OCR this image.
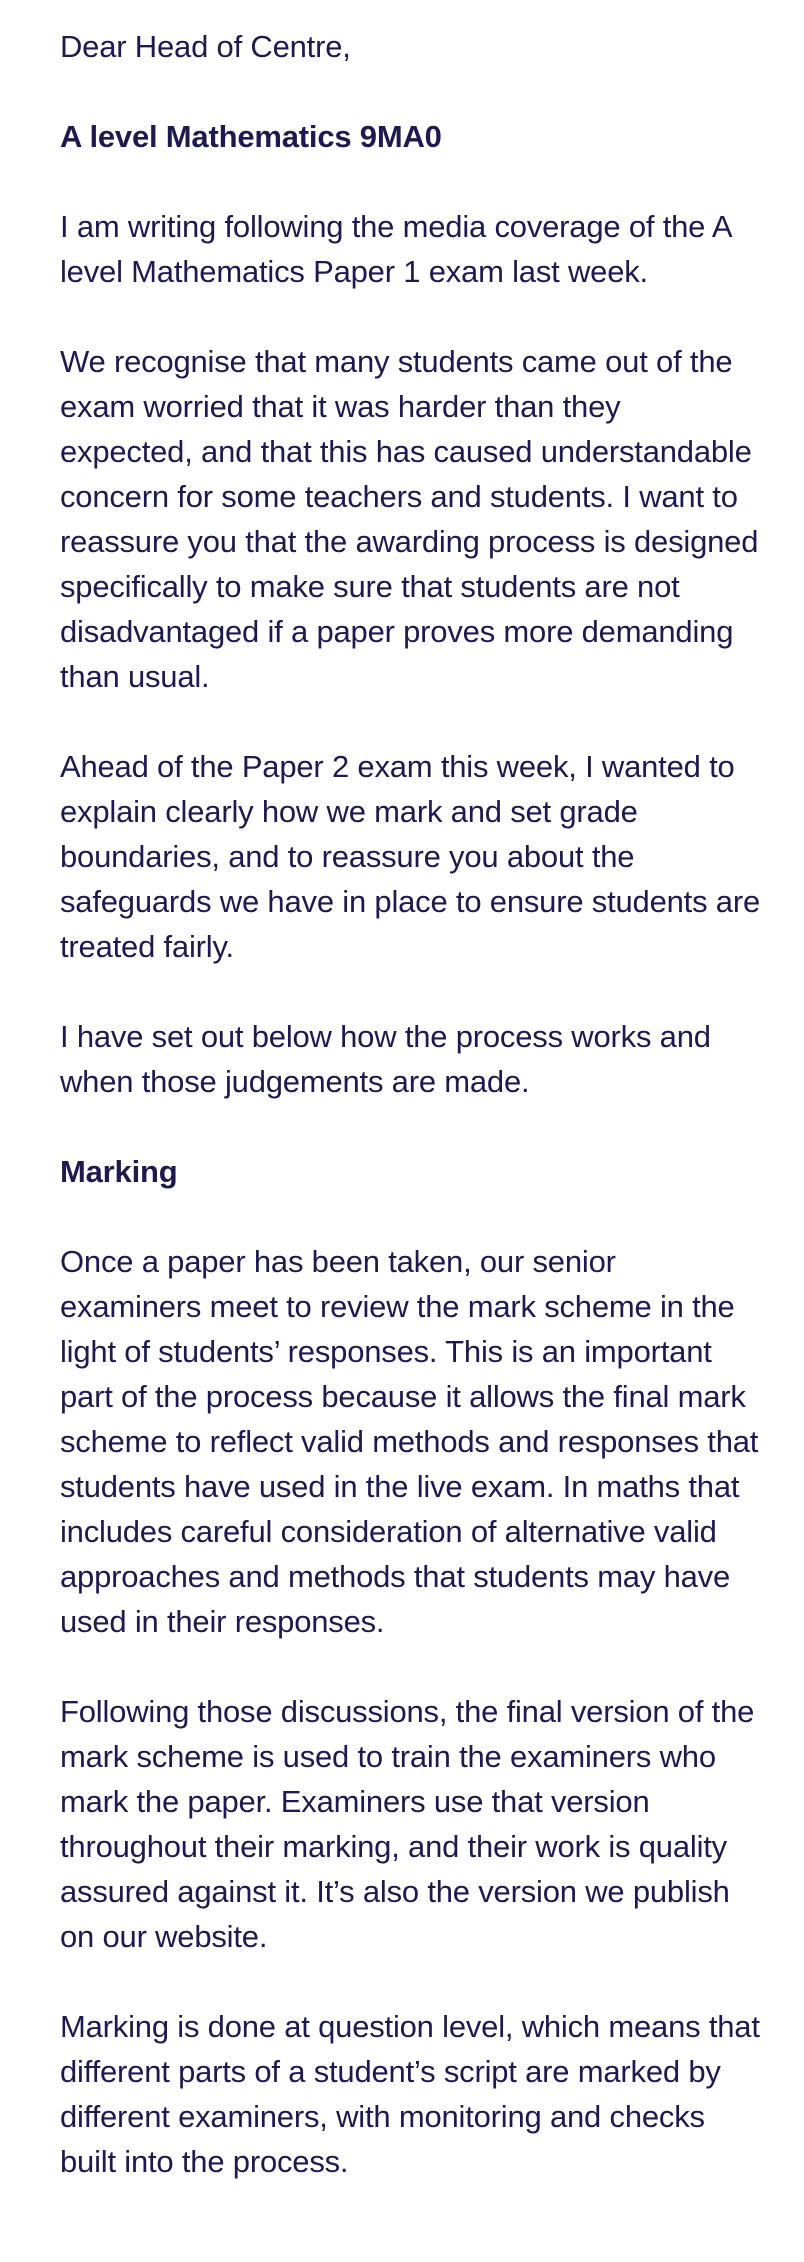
Dear Head of Centre,

A level Mathematics 9MA0

I am writing following the media coverage of the A level Mathematics Paper 1 exam last week.

We recognise that many students came out of the exam worried that it was harder than they expected, and that this has caused understandable concern for some teachers and students. I want to reassure you that the awarding process is designed specifically to make sure that students are not disadvantaged if a paper proves more demanding than usual.

Ahead of the Paper 2 exam this week, I wanted to explain clearly how we mark and set grade boundaries, and to reassure you about the safeguards we have in place to ensure students are treated fairly.

I have set out below how the process works and when those judgements are made.

Marking

Once a paper has been taken, our senior examiners meet to review the mark scheme in the light of students’ responses. This is an important part of the process because it allows the final mark scheme to reflect valid methods and responses that students have used in the live exam. In maths that includes careful consideration of alternative valid approaches and methods that students may have used in their responses.

Following those discussions, the final version of the mark scheme is used to train the examiners who mark the paper. Examiners use that version throughout their marking, and their work is quality assured against it. It’s also the version we publish on our website.

Marking is done at question level, which means that different parts of a student’s script are marked by different examiners, with monitoring and checks built into the process.
